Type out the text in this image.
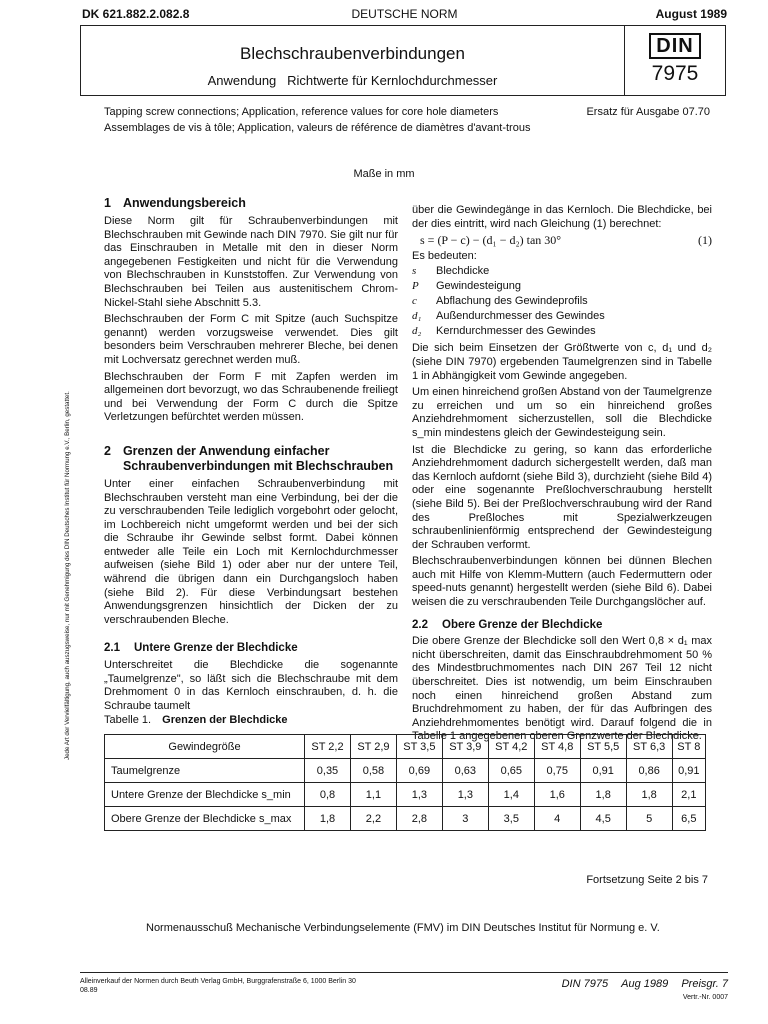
DK 621.882.2.082.8	DEUTSCHE NORM	August 1989
Blechschraubenverbindungen
Anwendung   Richtwerte für Kernlochdurchmesser
DIN
7975
Tapping screw connections; Application, reference values for core hole diameters
Assemblages de vis à tôle; Application, valeurs de référence de diamètres d'avant-trous
Ersatz für Ausgabe 07.70
Maße in mm
Jede Art der Vervielfältigung, auch auszugsweise, nur mit Genehmigung des DIN Deutsches Institut für Normung e.V., Berlin, gestattet.
1 Anwendungsbereich

Diese Norm gilt für Schraubenverbindungen mit Blechschrauben mit Gewinde nach DIN 7970. Sie gilt nur für das Einschrauben in Metalle mit den in dieser Norm angegebenen Festigkeiten und nicht für die Verwendung von Blechschrauben in Kunststoffen. Zur Verwendung von Blechschrauben bei Teilen aus austenitischem Chrom-Nickel-Stahl siehe Abschnitt 5.3.

Blechschrauben der Form C mit Spitze (auch Suchspitze genannt) werden vorzugsweise verwendet. Dies gilt besonders beim Verschrauben mehrerer Bleche, bei denen mit Lochversatz gerechnet werden muß.

Blechschrauben der Form F mit Zapfen werden im allgemeinen dort bevorzugt, wo das Schraubenende freiliegt und bei Verwendung der Form C durch die Spitze Verletzungen befürchtet werden müssen.

2 Grenzen der Anwendung einfacher Schraubenverbindungen mit Blechschrauben

Unter einer einfachen Schraubenverbindung mit Blechschrauben versteht man eine Verbindung, bei der die zu verschraubenden Teile lediglich vorgebohrt oder gelocht, im Lochbereich nicht umgeformt werden und bei der sich die Schraube ihr Gewinde selbst formt. Dabei können entweder alle Teile ein Loch mit Kernlochdurchmesser aufweisen (siehe Bild 1) oder aber nur der untere Teil, während die übrigen dann ein Durchgangsloch haben (siehe Bild 2). Für diese Verbindungsart bestehen Anwendungsgrenzen hinsichtlich der Dicken der zu verschraubenden Bleche.

2.1 Untere Grenze der Blechdicke

Unterschreitet die Blechdicke die sogenannte „Taumelgrenze", so läßt sich die Blechschraube mit dem Drehmoment 0 in das Kernloch einschrauben, d. h. die Schraube taumelt

über die Gewindegänge in das Kernloch. Die Blechdicke, bei der dies eintritt, wird nach Gleichung (1) berechnet:

s = (P − c) − (d₁ − d₂) tan 30°	(1)
Es bedeuten:
s	Blechdicke
P	Gewindesteigung
c	Abflachung des Gewindeprofils
d₁	Außendurchmesser des Gewindes
d₂	Kerndurchmesser des Gewindes

Die sich beim Einsetzen der Größtwerte von c, d₁ und d₂ (siehe DIN 7970) ergebenden Taumelgrenzen sind in Tabelle 1 in Abhängigkeit vom Gewinde angegeben.

Um einen hinreichend großen Abstand von der Taumelgrenze zu erreichen und um so ein hinreichend großes Anziehdrehmoment sicherzustellen, soll die Blechdicke s_min mindestens gleich der Gewindesteigung sein.

Ist die Blechdicke zu gering, so kann das erforderliche Anziehdrehmoment dadurch sichergestellt werden, daß man das Kernloch aufdornt (siehe Bild 3), durchzieht (siehe Bild 4) oder eine sogenannte Preßlochverschraubung herstellt (siehe Bild 5). Bei der Preßlochverschraubung wird der Rand des Preßloches mit Spezialwerkzeugen schraubenlinienförmig entsprechend der Gewindesteigung der Schrauben verformt.

Blechschraubenverbindungen können bei dünnen Blechen auch mit Hilfe von Klemm-Muttern (auch Federmuttern oder speed-nuts genannt) hergestellt werden (siehe Bild 6). Dabei weisen die zu verschraubenden Teile Durchgangslöcher auf.

2.2 Obere Grenze der Blechdicke

Die obere Grenze der Blechdicke soll den Wert 0,8 × d₁ max nicht überschreiten, damit das Einschraubdrehmoment 50 % des Mindestbruchmomentes nach DIN 267 Teil 12 nicht überschreitet. Dies ist notwendig, um beim Einschrauben noch einen hinreichend großen Abstand zum Bruchdrehmoment zu haben, der für das Aufbringen des Anziehdrehmomentes benötigt wird. Darauf folgend die in Tabelle 1 angegebenen oberen Grenzwerte der Blechdicke.

Tabelle 1. Grenzen der Blechdicke
Gewindegröße	ST 2,2	ST 2,9	ST 3,5	ST 3,9	ST 4,2	ST 4,8	ST 5,5	ST 6,3	ST 8
Taumelgrenze	0,35	0,58	0,69	0,63	0,65	0,75	0,91	0,86	0,91
Untere Grenze der Blechdicke s_min	0,8	1,1	1,3	1,3	1,4	1,6	1,8	1,8	2,1
Obere Grenze der Blechdicke s_max	1,8	2,2	2,8	3	3,5	4	4,5	5	6,5
Fortsetzung Seite 2 bis 7
Normenausschuß Mechanische Verbindungselemente (FMV) im DIN Deutsches Institut für Normung e. V.
Alleinverkauf der Normen durch Beuth Verlag GmbH, Burggrafenstraße 6, 1000 Berlin 30
08.89
DIN 7975 Aug 1989 Preisgr. 7
Vertr.-Nr. 0007
